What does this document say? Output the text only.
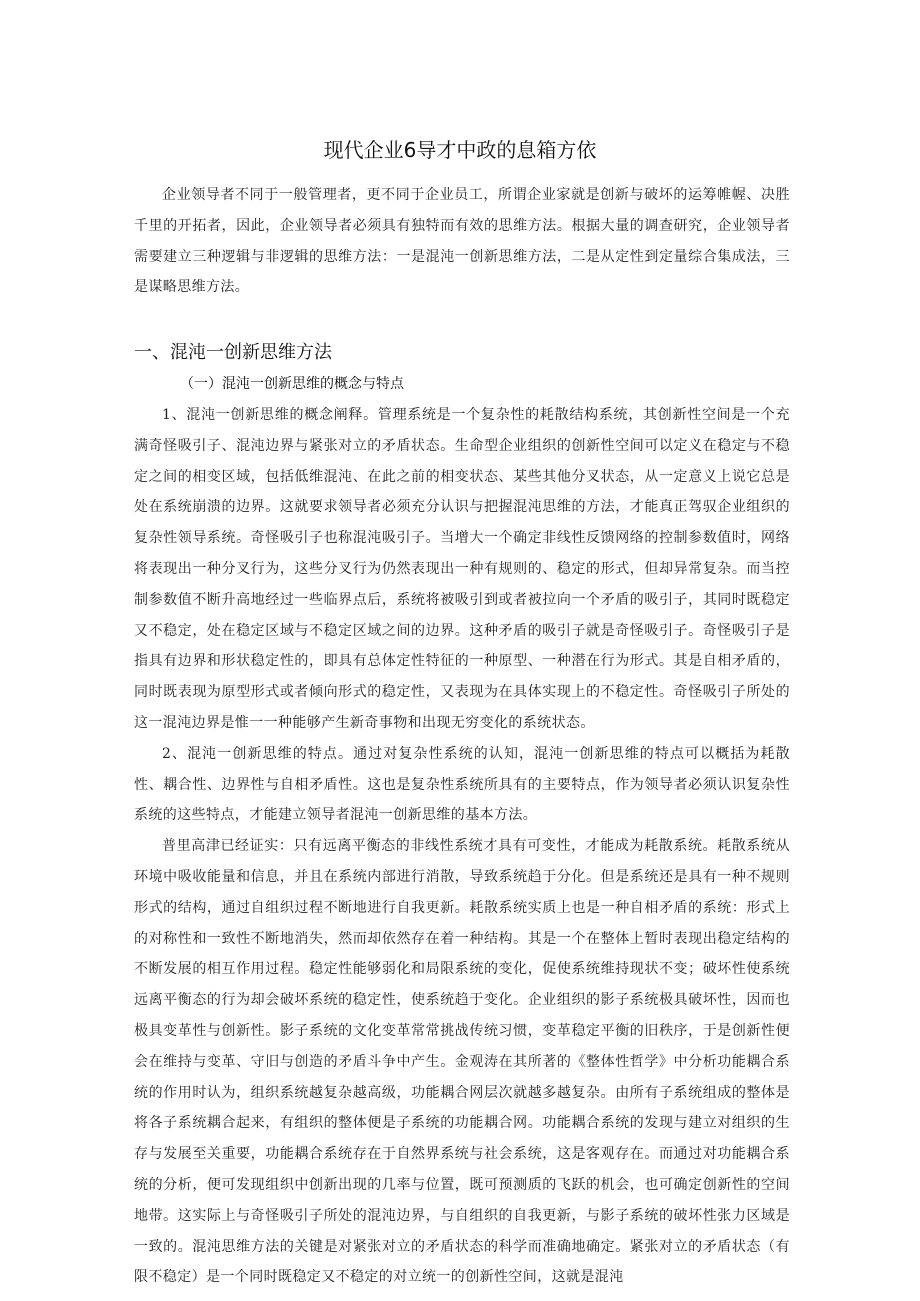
现代企业6导才中政的息箱方依

企业领导者不同于一般管理者，更不同于企业员工，所谓企业家就是创新与破坏的运筹帷幄、决胜千里的开拓者，因此，企业领导者必须具有独特而有效的思维方法。根据大量的调查研究，企业领导者需要建立三种逻辑与非逻辑的思维方法：一是混沌一创新思维方法，二是从定性到定量综合集成法，三是谋略思维方法。

一、混沌一创新思维方法
（一）混沌一创新思维的概念与特点

1、混沌一创新思维的概念阐释。管理系统是一个复杂性的耗散结构系统，其创新性空间是一个充满奇怪吸引子、混沌边界与紧张对立的矛盾状态。生命型企业组织的创新性空间可以定义在稳定与不稳定之间的相变区域，包括低维混沌、在此之前的相变状态、某些其他分叉状态，从一定意义上说它总是处在系统崩溃的边界。这就要求领导者必须充分认识与把握混沌思维的方法，才能真正驾驭企业组织的复杂性领导系统。奇怪吸引子也称混沌吸引子。当增大一个确定非线性反馈网络的控制参数值时，网络将表现出一种分叉行为，这些分叉行为仍然表现出一种有规则的、稳定的形式，但却异常复杂。而当控制参数值不断升高地经过一些临界点后，系统将被吸引到或者被拉向一个矛盾的吸引子，其同时既稳定又不稳定，处在稳定区域与不稳定区域之间的边界。这种矛盾的吸引子就是奇怪吸引子。奇怪吸引子是指具有边界和形状稳定性的，即具有总体定性特征的一种原型、一种潜在行为形式。其是自相矛盾的，同时既表现为原型形式或者倾向形式的稳定性，又表现为在具体实现上的不稳定性。奇怪吸引子所处的这一混沌边界是惟一一种能够产生新奇事物和出现无穷变化的系统状态。

2、混沌一创新思维的特点。通过对复杂性系统的认知，混沌一创新思维的特点可以概括为耗散性、耦合性、边界性与自相矛盾性。这也是复杂性系统所具有的主要特点，作为领导者必须认识复杂性系统的这些特点，才能建立领导者混沌一创新思维的基本方法。

普里高津已经证实：只有远离平衡态的非线性系统才具有可变性，才能成为耗散系统。耗散系统从环境中吸收能量和信息，并且在系统内部进行消散，导致系统趋于分化。但是系统还是具有一种不规则形式的结构，通过自组织过程不断地进行自我更新。耗散系统实质上也是一种自相矛盾的系统：形式上的对称性和一致性不断地消失，然而却依然存在着一种结构。其是一个在整体上暂时表现出稳定结构的不断发展的相互作用过程。稳定性能够弱化和局限系统的变化，促使系统维持现状不变；破坏性使系统远离平衡态的行为却会破坏系统的稳定性，使系统趋于变化。企业组织的影子系统极具破坏性，因而也极具变革性与创新性。影子系统的文化变革常常挑战传统习惯，变革稳定平衡的旧秩序，于是创新性便会在维持与变革、守旧与创造的矛盾斗争中产生。金观涛在其所著的《整体性哲学》中分析功能耦合系统的作用时认为，组织系统越复杂越高级，功能耦合网层次就越多越复杂。由所有子系统组成的整体是将各子系统耦合起来，有组织的整体便是子系统的功能耦合网。功能耦合系统的发现与建立对组织的生存与发展至关重要，功能耦合系统存在于自然界系统与社会系统，这是客观存在。而通过对功能耦合系统的分析，便可发现组织中创新出现的几率与位置，既可预测质的飞跃的机会，也可确定创新性的空间地带。这实际上与奇怪吸引子所处的混沌边界，与自组织的自我更新，与影子系统的破坏性张力区域是一致的。混沌思维方法的关键是对紧张对立的矛盾状态的科学而准确地确定。紧张对立的矛盾状态（有限不稳定）是一个同时既稳定又不稳定的对立统一的创新性空间，这就是混沌
